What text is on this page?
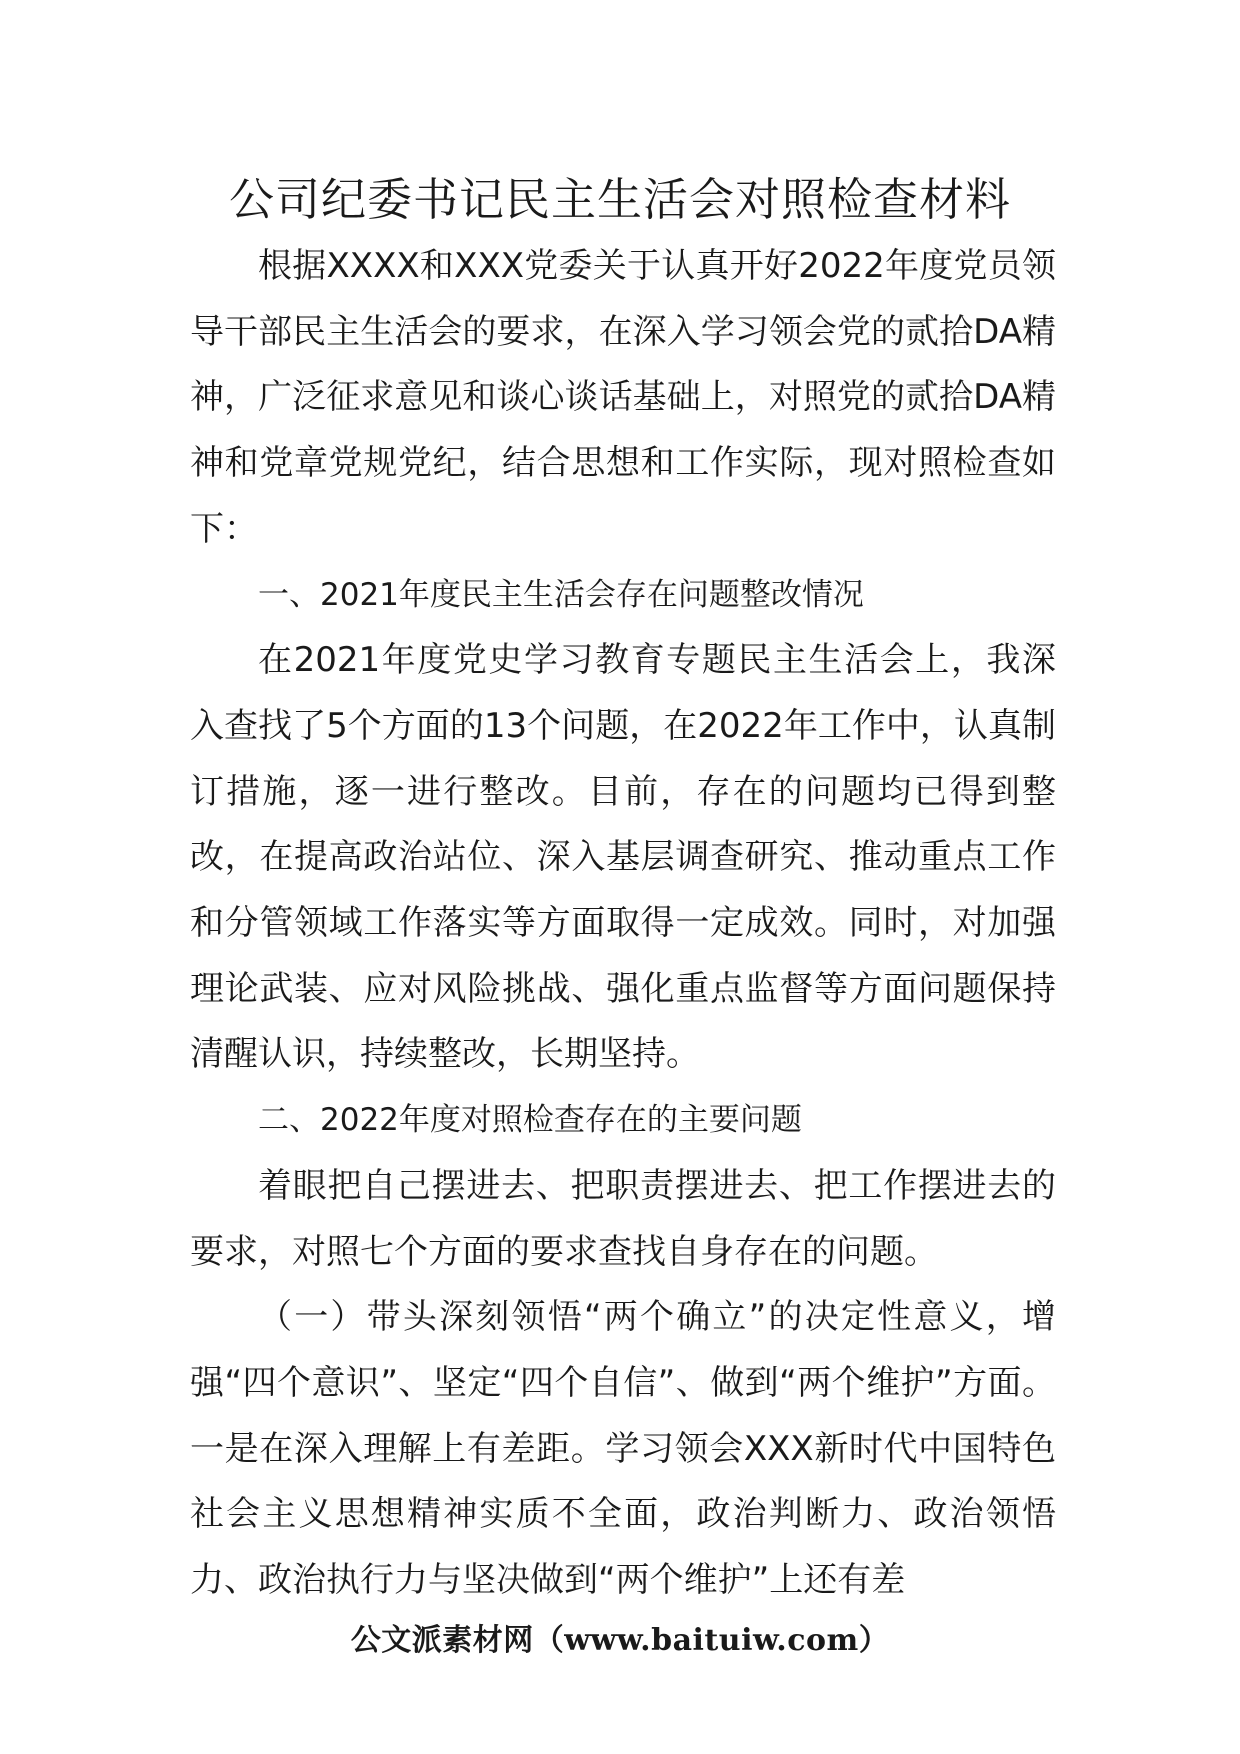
公司纪委书记民主生活会对照检查材料

根据XXXX和XXX党委关于认真开好2022年度党员领导干部民主生活会的要求，在深入学习领会党的贰拾DA精神，广泛征求意见和谈心谈话基础上，对照党的贰拾DA精神和党章党规党纪，结合思想和工作实际，现对照检查如下：

一、2021年度民主生活会存在问题整改情况

在2021年度党史学习教育专题民主生活会上，我深入查找了5个方面的13个问题，在2022年工作中，认真制订措施，逐一进行整改。目前，存在的问题均已得到整改，在提高政治站位、深入基层调查研究、推动重点工作和分管领域工作落实等方面取得一定成效。同时，对加强理论武装、应对风险挑战、强化重点监督等方面问题保持清醒认识，持续整改，长期坚持。

二、2022年度对照检查存在的主要问题

着眼把自己摆进去、把职责摆进去、把工作摆进去的要求，对照七个方面的要求查找自身存在的问题。

（一）带头深刻领悟“两个确立”的决定性意义，增强“四个意识”、坚定“四个自信”、做到“两个维护”方面。一是在深入理解上有差距。学习领会XXX新时代中国特色社会主义思想精神实质不全面，政治判断力、政治领悟力、政治执行力与坚决做到“两个维护”上还有差

公文派素材网（www.baituiw.com）
